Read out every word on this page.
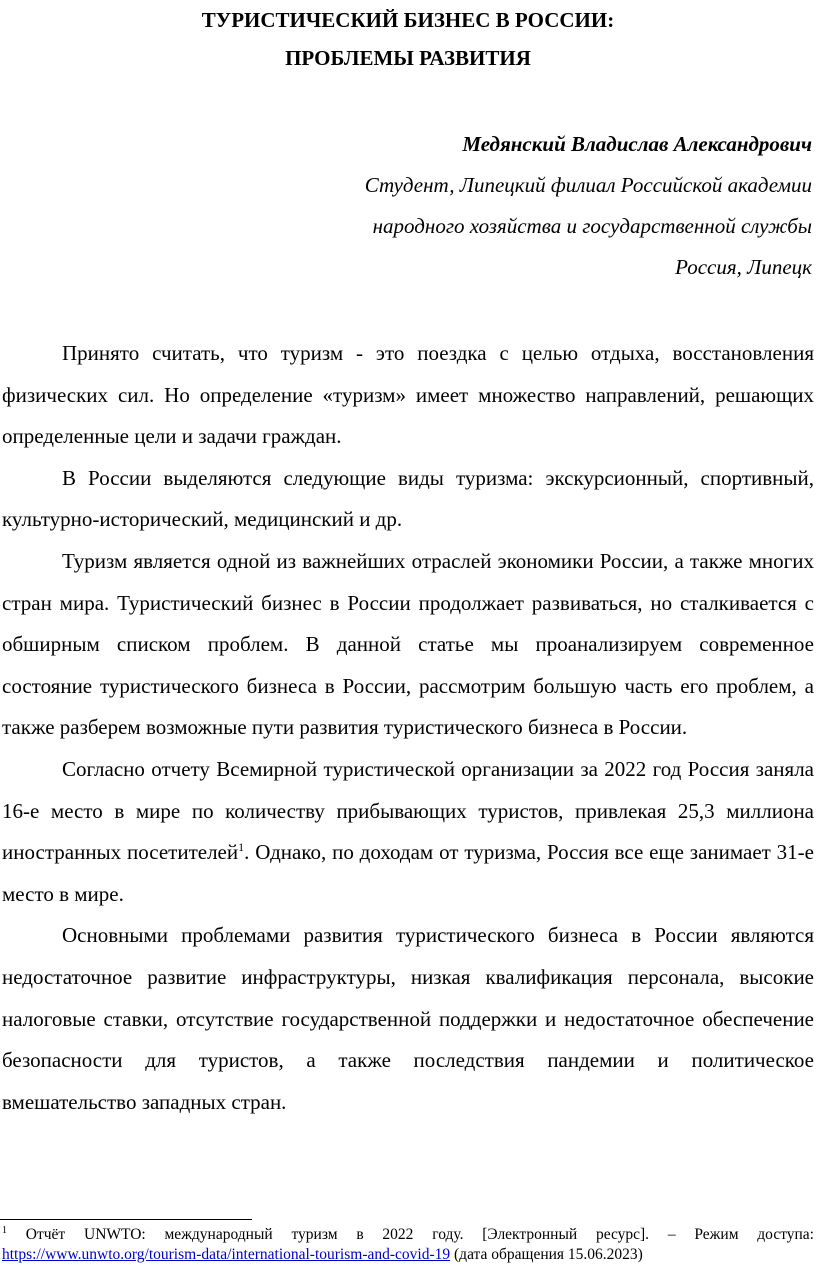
ТУРИСТИЧЕСКИЙ БИЗНЕС В РОССИИ:
ПРОБЛЕМЫ РАЗВИТИЯ
Медянский Владислав Александрович
Студент, Липецкий филиал Российской академии
народного хозяйства и государственной службы
Россия, Липецк

Принято считать, что туризм - это поездка с целью отдыха, восстановления физических сил. Но определение «туризм» имеет множество направлений, решающих определенные цели и задачи граждан.

В России выделяются следующие виды туризма: экскурсионный, спортивный, культурно-исторический, медицинский и др.

Туризм является одной из важнейших отраслей экономики России, а также многих стран мира. Туристический бизнес в России продолжает развиваться, но сталкивается с обширным списком проблем. В данной статье мы проанализируем современное состояние туристического бизнеса в России, рассмотрим большую часть его проблем, а также разберем возможные пути развития туристического бизнеса в России.

Согласно отчету Всемирной туристической организации за 2022 год Россия заняла 16-е место в мире по количеству прибывающих туристов, привлекая 25,3 миллиона иностранных посетителей$^1$. Однако, по доходам от туризма, Россия все еще занимает 31-е место в мире.

Основными проблемами развития туристического бизнеса в России являются недостаточное развитие инфраструктуры, низкая квалификация персонала, высокие налоговые ставки, отсутствие государственной поддержки и недостаточное обеспечение безопасности для туристов, а также последствия пандемии и политическое вмешательство западных стран.

$^1$ Отчёт UNWTO: международный туризм в 2022 году. [Электронный ресурс]. – Режим доступа: https://www.unwto.org/tourism-data/international-tourism-and-covid-19 (дата обращения 15.06.2023)
